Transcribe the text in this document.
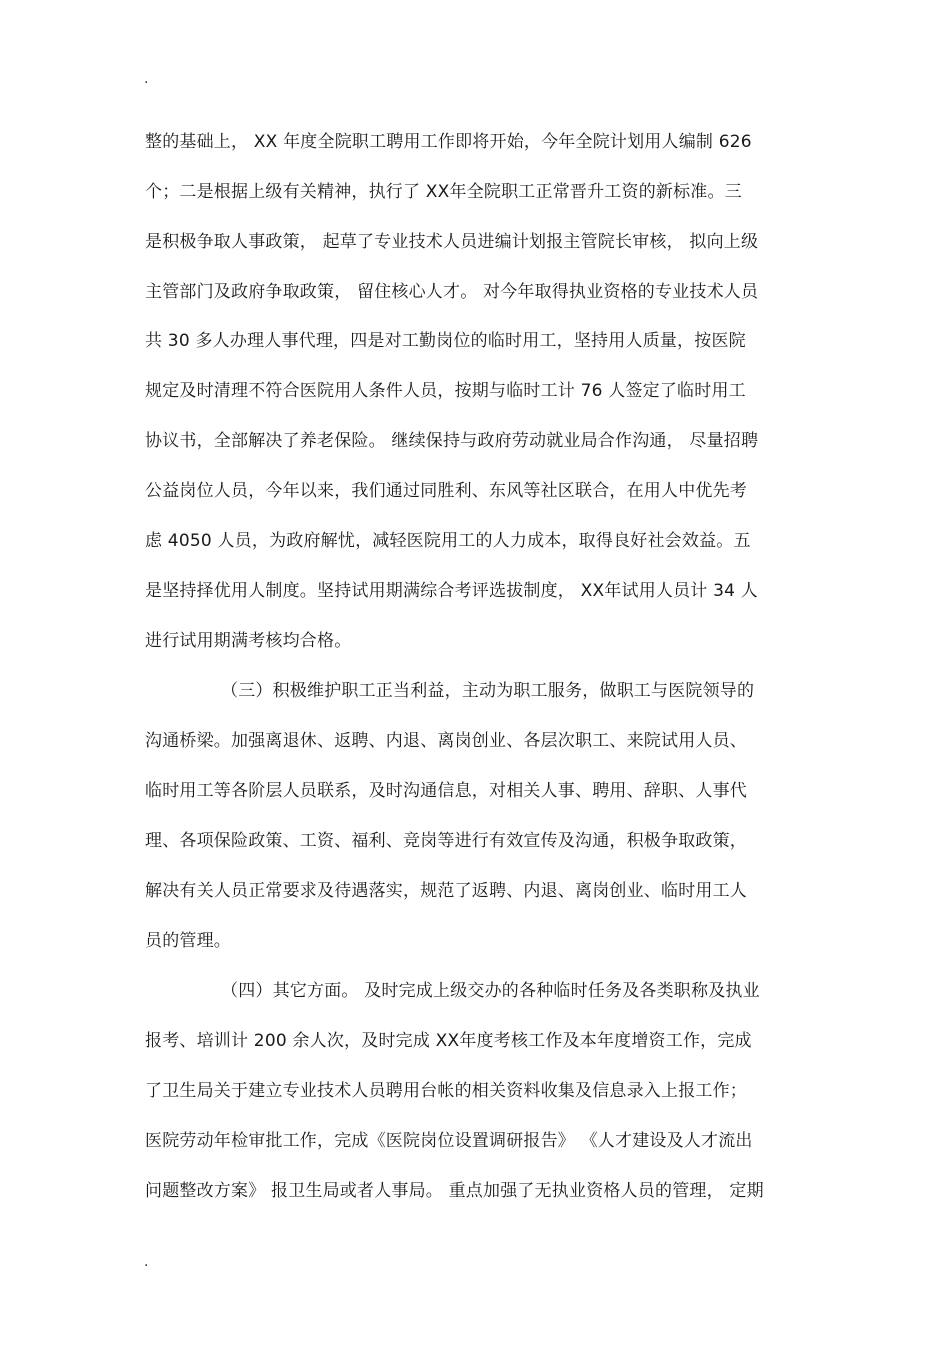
.
整的基础上， XX 年度全院职工聘用工作即将开始，今年全院计划用人编制 626
个；二是根据上级有关精神，执行了 XX年全院职工正常晋升工资的新标准。三
是积极争取人事政策， 起草了专业技术人员进编计划报主管院长审核， 拟向上级
主管部门及政府争取政策， 留住核心人才。 对今年取得执业资格的专业技术人员
共 30 多人办理人事代理，四是对工勤岗位的临时用工，坚持用人质量，按医院
规定及时清理不符合医院用人条件人员，按期与临时工计 76 人签定了临时用工
协议书，全部解决了养老保险。 继续保持与政府劳动就业局合作沟通， 尽量招聘
公益岗位人员，今年以来，我们通过同胜利、东风等社区联合，在用人中优先考
虑 4050 人员，为政府解忧，减轻医院用工的人力成本，取得良好社会效益。五
是坚持择优用人制度。坚持试用期满综合考评选拔制度， XX年试用人员计 34 人
进行试用期满考核均合格。
（三）积极维护职工正当利益，主动为职工服务，做职工与医院领导的
沟通桥梁。加强离退休、返聘、内退、离岗创业、各层次职工、来院试用人员、
临时用工等各阶层人员联系，及时沟通信息，对相关人事、聘用、辞职、人事代
理、各项保险政策、工资、福利、竞岗等进行有效宣传及沟通，积极争取政策，
解决有关人员正常要求及待遇落实，规范了返聘、内退、离岗创业、临时用工人
员的管理。
（四）其它方面。 及时完成上级交办的各种临时任务及各类职称及执业
报考、培训计 200 余人次，及时完成 XX年度考核工作及本年度增资工作，完成
了卫生局关于建立专业技术人员聘用台帐的相关资料收集及信息录入上报工作；
医院劳动年检审批工作，完成《医院岗位设置调研报告》 《人才建设及人才流出
问题整改方案》 报卫生局或者人事局。 重点加强了无执业资格人员的管理， 定期
.
